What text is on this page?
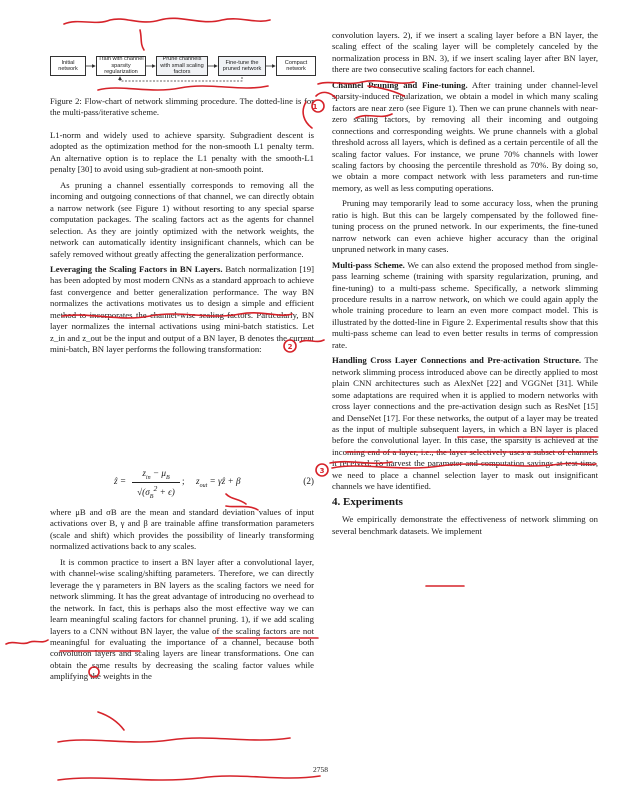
Initial network
Train with channel sparsity regularization
Prune channels with small scaling factors
Fine-tune the pruned network
Compact network
Figure 2: Flow-chart of network slimming procedure. The dotted-line is for the multi-pass/iterative scheme.

L1-norm and widely used to achieve sparsity. Subgradient descent is adopted as the optimization method for the non-smooth L1 penalty term. An alternative option is to replace the L1 penalty with the smooth-L1 penalty [30] to avoid using sub-gradient at non-smooth point.

As pruning a channel essentially corresponds to removing all the incoming and outgoing connections of that channel, we can directly obtain a narrow network (see Figure 1) without resorting to any special sparse computation packages. The scaling factors act as the agents for channel selection. As they are jointly optimized with the network weights, the network can automatically identity insignificant channels, which can be safely removed without greatly affecting the generalization performance.

Leveraging the Scaling Factors in BN Layers. Batch normalization [19] has been adopted by most modern CNNs as a standard approach to achieve fast convergence and better generalization performance. The way BN normalizes the activations motivates us to design a simple and efficient method to incorporates the channel-wise scaling factors. Particularly, BN layer normalizes the internal activations using mini-batch statistics. Let z_in and z_out be the input and output of a BN layer, B denotes the current mini-batch, BN layer performs the following transformation:

ẑ =
$z_{in} - \mu_B$
$√(\sigma_B^2 + \epsilon)$
; $z_{out}$ = γẑ + β	(2)

where μB and σB are the mean and standard deviation values of input activations over B, γ and β are trainable affine transformation parameters (scale and shift) which provides the possibility of linearly transforming normalized activations back to any scales.

It is common practice to insert a BN layer after a convolutional layer, with channel-wise scaling/shifting parameters. Therefore, we can directly leverage the γ parameters in BN layers as the scaling factors we need for network slimming. It has the great advantage of introducing no overhead to the network. In fact, this is perhaps also the most effective way we can learn meaningful scaling factors for channel pruning. 1), if we add scaling layers to a CNN without BN layer, the value of the scaling factors are not meaningful for evaluating the importance of a channel, because both convolution layers and scaling layers are linear transformations. One can obtain the same results by decreasing the scaling factor values while amplifying the weights in the

convolution layers. 2), if we insert a scaling layer before a BN layer, the scaling effect of the scaling layer will be completely canceled by the normalization process in BN. 3), if we insert scaling layer after BN layer, there are two consecutive scaling factors for each channel.

Channel Pruning and Fine-tuning. After training under channel-level sparsity-induced regularization, we obtain a model in which many scaling factors are near zero (see Figure 1). Then we can prune channels with near-zero scaling factors, by removing all their incoming and outgoing connections and corresponding weights. We prune channels with a global threshold across all layers, which is defined as a certain percentile of all the scaling factor values. For instance, we prune 70% channels with lower scaling factors by choosing the percentile threshold as 70%. By doing so, we obtain a more compact network with less parameters and run-time memory, as well as less computing operations.

Pruning may temporarily lead to some accuracy loss, when the pruning ratio is high. But this can be largely compensated by the followed fine-tuning process on the pruned network. In our experiments, the fine-tuned narrow network can even achieve higher accuracy than the original unpruned network in many cases.

Multi-pass Scheme. We can also extend the proposed method from single-pass learning scheme (training with sparsity regularization, pruning, and fine-tuning) to a multi-pass scheme. Specifically, a network slimming procedure results in a narrow network, on which we could again apply the whole training procedure to learn an even more compact model. This is illustrated by the dotted-line in Figure 2. Experimental results show that this multi-pass scheme can lead to even better results in terms of compression rate.

Handling Cross Layer Connections and Pre-activation Structure. The network slimming process introduced above can be directly applied to most plain CNN architectures such as AlexNet [22] and VGGNet [31]. While some adaptations are required when it is applied to modern networks with cross layer connections and the pre-activation design such as ResNet [15] and DenseNet [17]. For these networks, the output of a layer may be treated as the input of multiple subsequent layers, in which a BN layer is placed before the convolutional layer. In this case, the sparsity is achieved at the incoming end of a layer, i.e., the layer selectively uses a subset of channels it received. To harvest the parameter and computation savings at test time, we need to place a channel selection layer to mask out insignificant channels we have identified.

4. Experiments

We empirically demonstrate the effectiveness of network slimming on several benchmark datasets. We implement

2758
1
2
3
